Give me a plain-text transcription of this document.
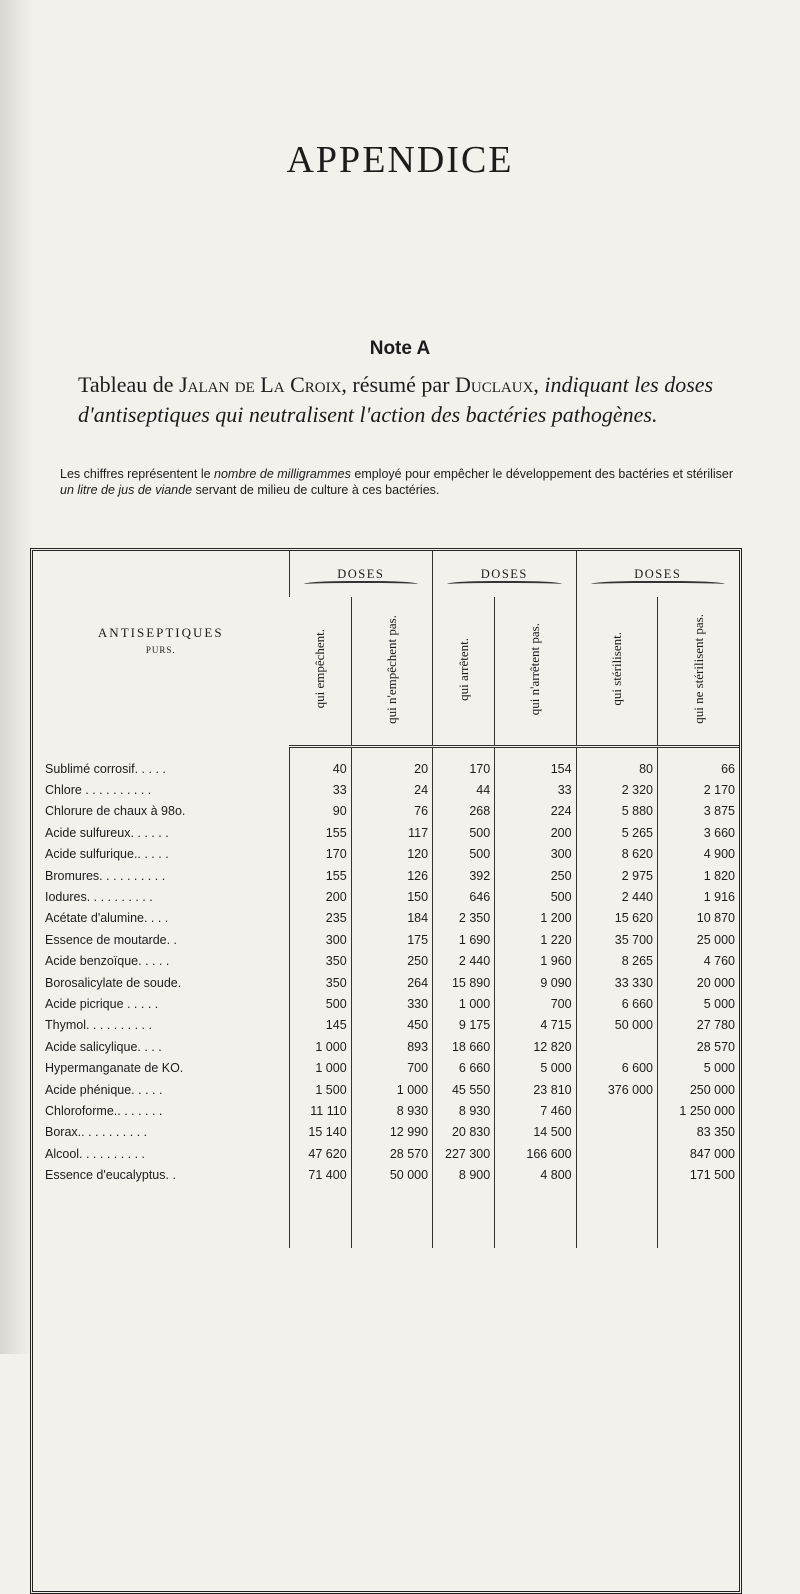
APPENDICE
Note A
Tableau de Jalan de La Croix, résumé par Duclaux, indiquant les doses d'antiseptiques qui neutralisent l'action des bactéries pathogènes.
Les chiffres représentent le nombre de milligrammes employé pour empêcher le développement des bactéries et stériliser un litre de jus de viande servant de milieu de culture à ces bactéries.
ANTISEPTIQUES
PURS.	DOSES		DOSES		DOSES	

	qui empêchent.	qui n'empêchent pas.	qui arrêtent.	qui n'arrêtent pas.	qui stérilisent.	qui ne stérilisent pas.

Sublimé corrosif. . . . .	40	20	170	154	80	66
Chlore . . . . . . . . . .	33	24	44	33	2 320	2 170
Chlorure de chaux à 98o.	90	76	268	224	5 880	3 875
Acide sulfureux. . . . . .	155	117	500	200	5 265	3 660
Acide sulfurique.. . . . .	170	120	500	300	8 620	4 900
Bromures. . . . . . . . . .	155	126	392	250	2 975	1 820
Iodures. . . . . . . . . .	200	150	646	500	2 440	1 916
Acétate d'alumine. . . .	235	184	2 350	1 200	15 620	10 870
Essence de moutarde. .	300	175	1 690	1 220	35 700	25 000
Acide benzoïque. . . . .	350	250	2 440	1 960	8 265	4 760
Borosalicylate de soude.	350	264	15 890	9 090	33 330	20 000
Acide picrique . . . . .	500	330	1 000	700	6 660	5 000
Thymol. . . . . . . . . .	145	450	9 175	4 715	50 000	27 780
Acide salicylique. . . .	1 000	893	18 660	12 820		28 570
Hypermanganate de KO.	1 000	700	6 660	5 000	6 600	5 000
Acide phénique. . . . .	1 500	1 000	45 550	23 810	376 000	250 000
Chloroforme.. . . . . . .	11 110	8 930	8 930	7 460		1 250 000
Borax.. . . . . . . . . .	15 140	12 990	20 830	14 500		83 350
Alcool. . . . . . . . . .	47 620	28 570	227 300	166 600		847 000
Essence d'eucalyptus. .	71 400	50 000	8 900	4 800		171 500
